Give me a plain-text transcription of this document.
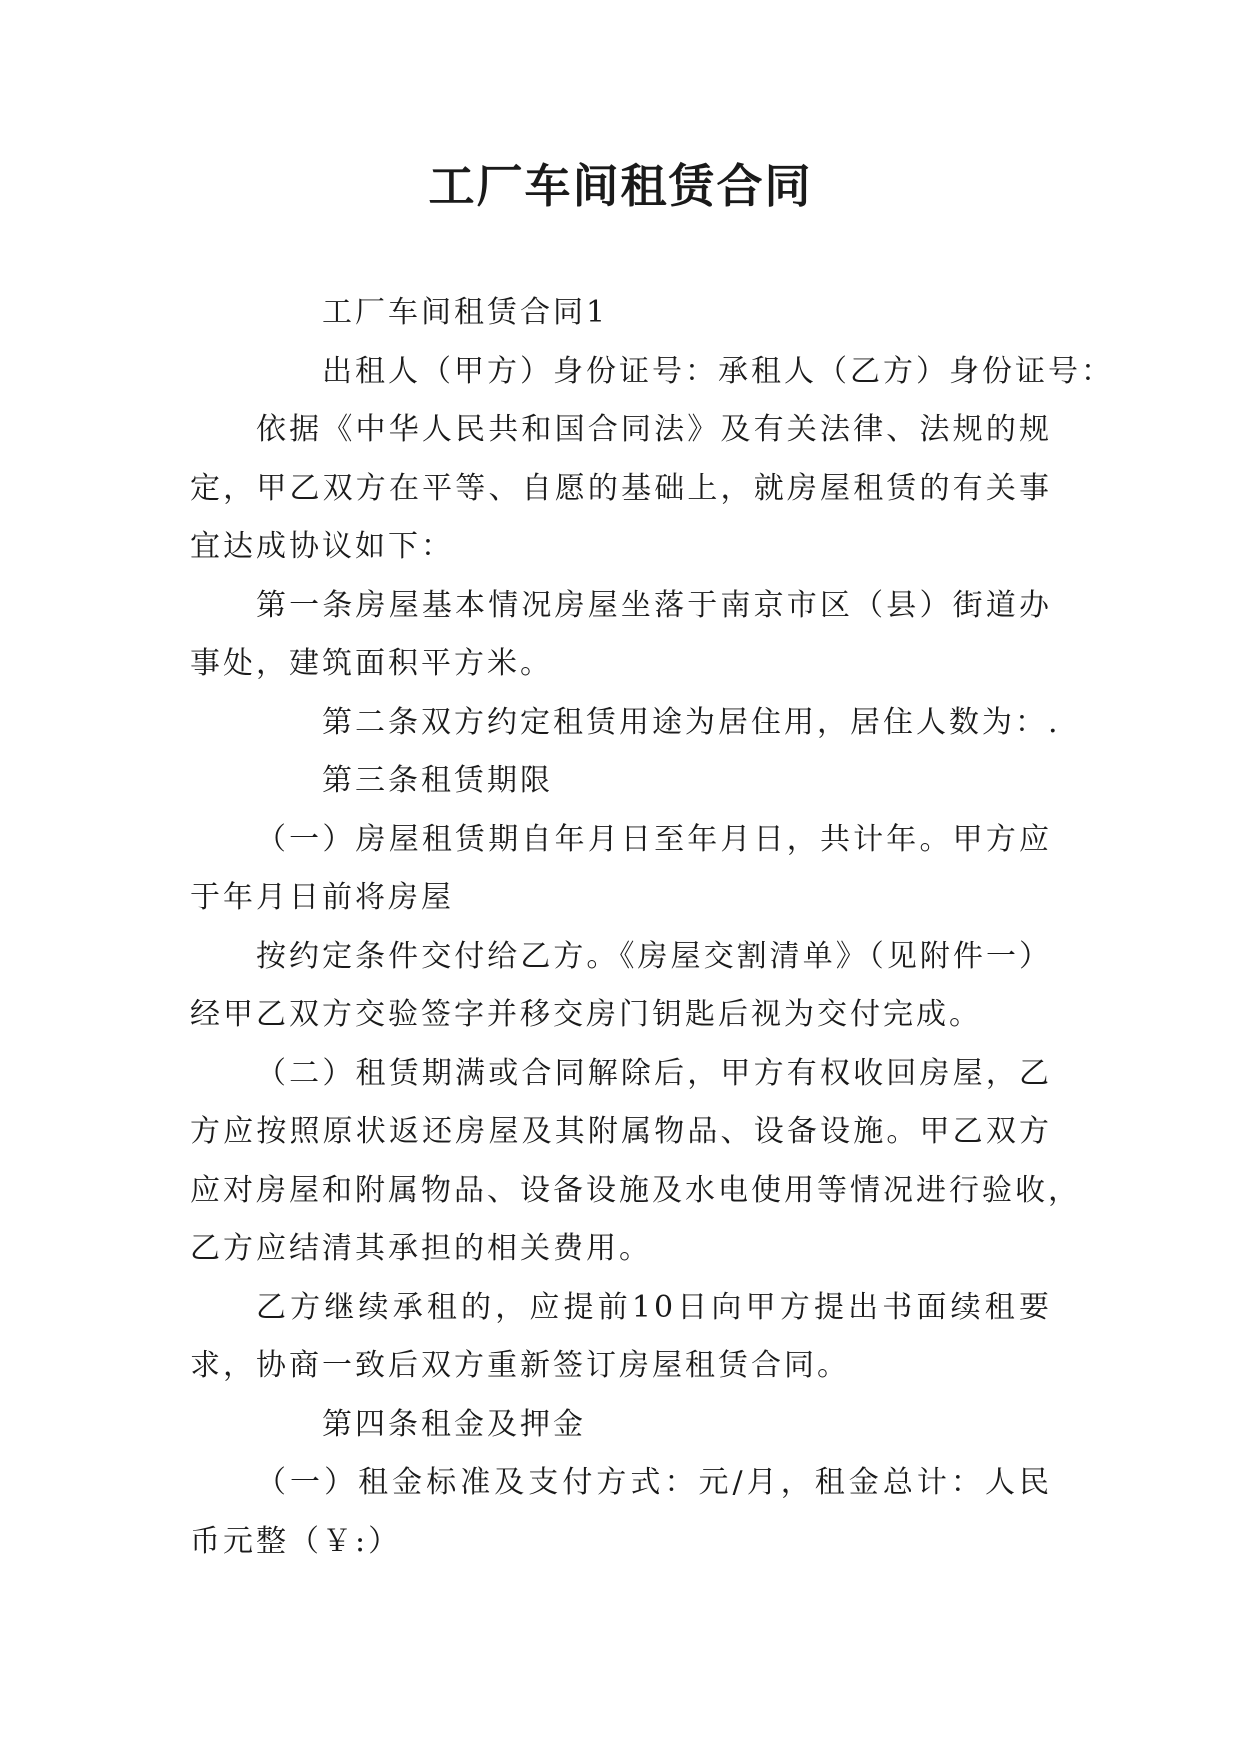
工厂车间租赁合同

工厂车间租赁合同1

出租人（甲方）身份证号：承租人（乙方）身份证号：

依据《中华人民共和国合同法》及有关法律、法规的规
定，甲乙双方在平等、自愿的基础上，就房屋租赁的有关事
宜达成协议如下：
第一条房屋基本情况房屋坐落于南京市区（县）街道办
事处，建筑面积平方米。

第二条双方约定租赁用途为居住用，居住人数为：.

第三条租赁期限

（一）房屋租赁期自年月日至年月日，共计年。甲方应
于年月日前将房屋
按约定条件交付给乙方。《房屋交割清单》（见附件一）
经甲乙双方交验签字并移交房门钥匙后视为交付完成。
（二）租赁期满或合同解除后，甲方有权收回房屋，乙
方应按照原状返还房屋及其附属物品、设备设施。甲乙双方
应对房屋和附属物品、设备设施及水电使用等情况进行验收，
乙方应结清其承担的相关费用。
乙方继续承租的，应提前10日向甲方提出书面续租要
求，协商一致后双方重新签订房屋租赁合同。

第四条租金及押金

（一）租金标准及支付方式：元/月，租金总计：人民
币元整（￥:）
